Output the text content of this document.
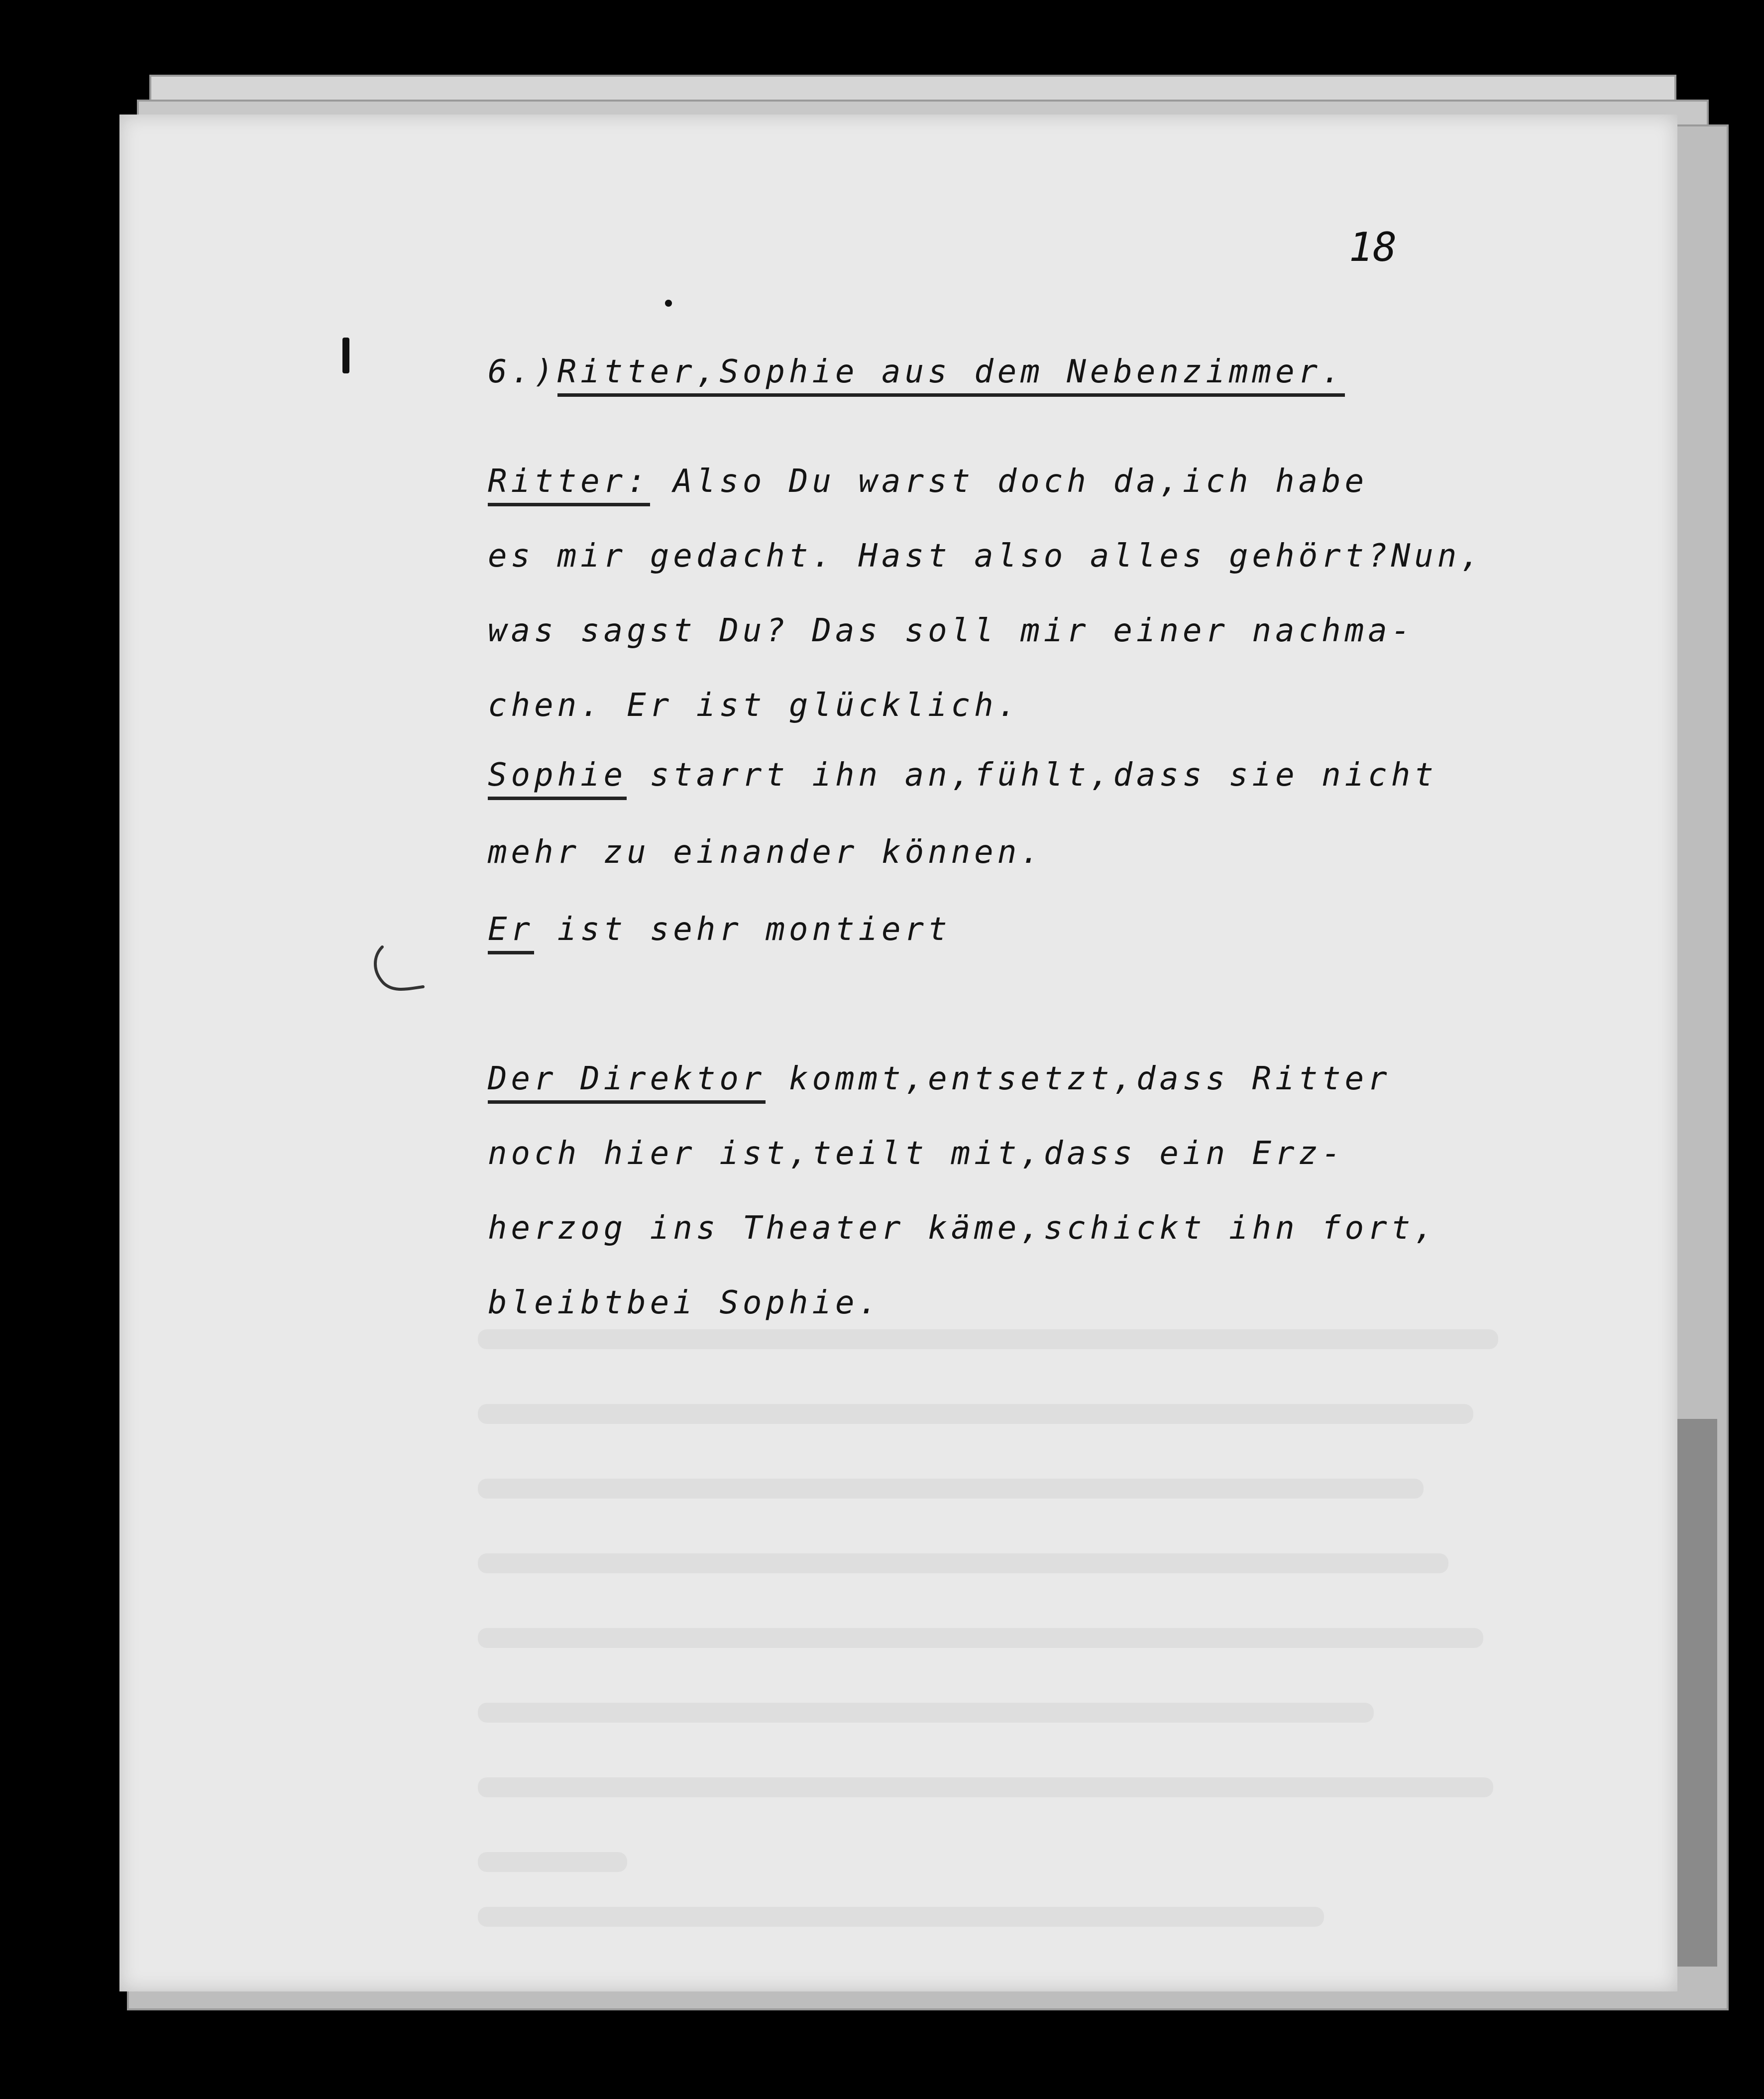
18
6.)Ritter,Sophie aus dem Nebenzimmer.
Ritter: Also Du warst doch da,ich habe
es mir gedacht. Hast also alles gehört?Nun,
was sagst Du? Das soll mir einer nachma-
chen. Er ist glücklich.
Sophie starrt ihn an,fühlt,dass sie nicht
mehr zu einander können.
Er ist sehr montiert
Der Direktor kommt,entsetzt,dass Ritter
noch hier ist,teilt mit,dass ein Erz-
herzog ins Theater käme,schickt ihn fort,
bleibtbei Sophie.
